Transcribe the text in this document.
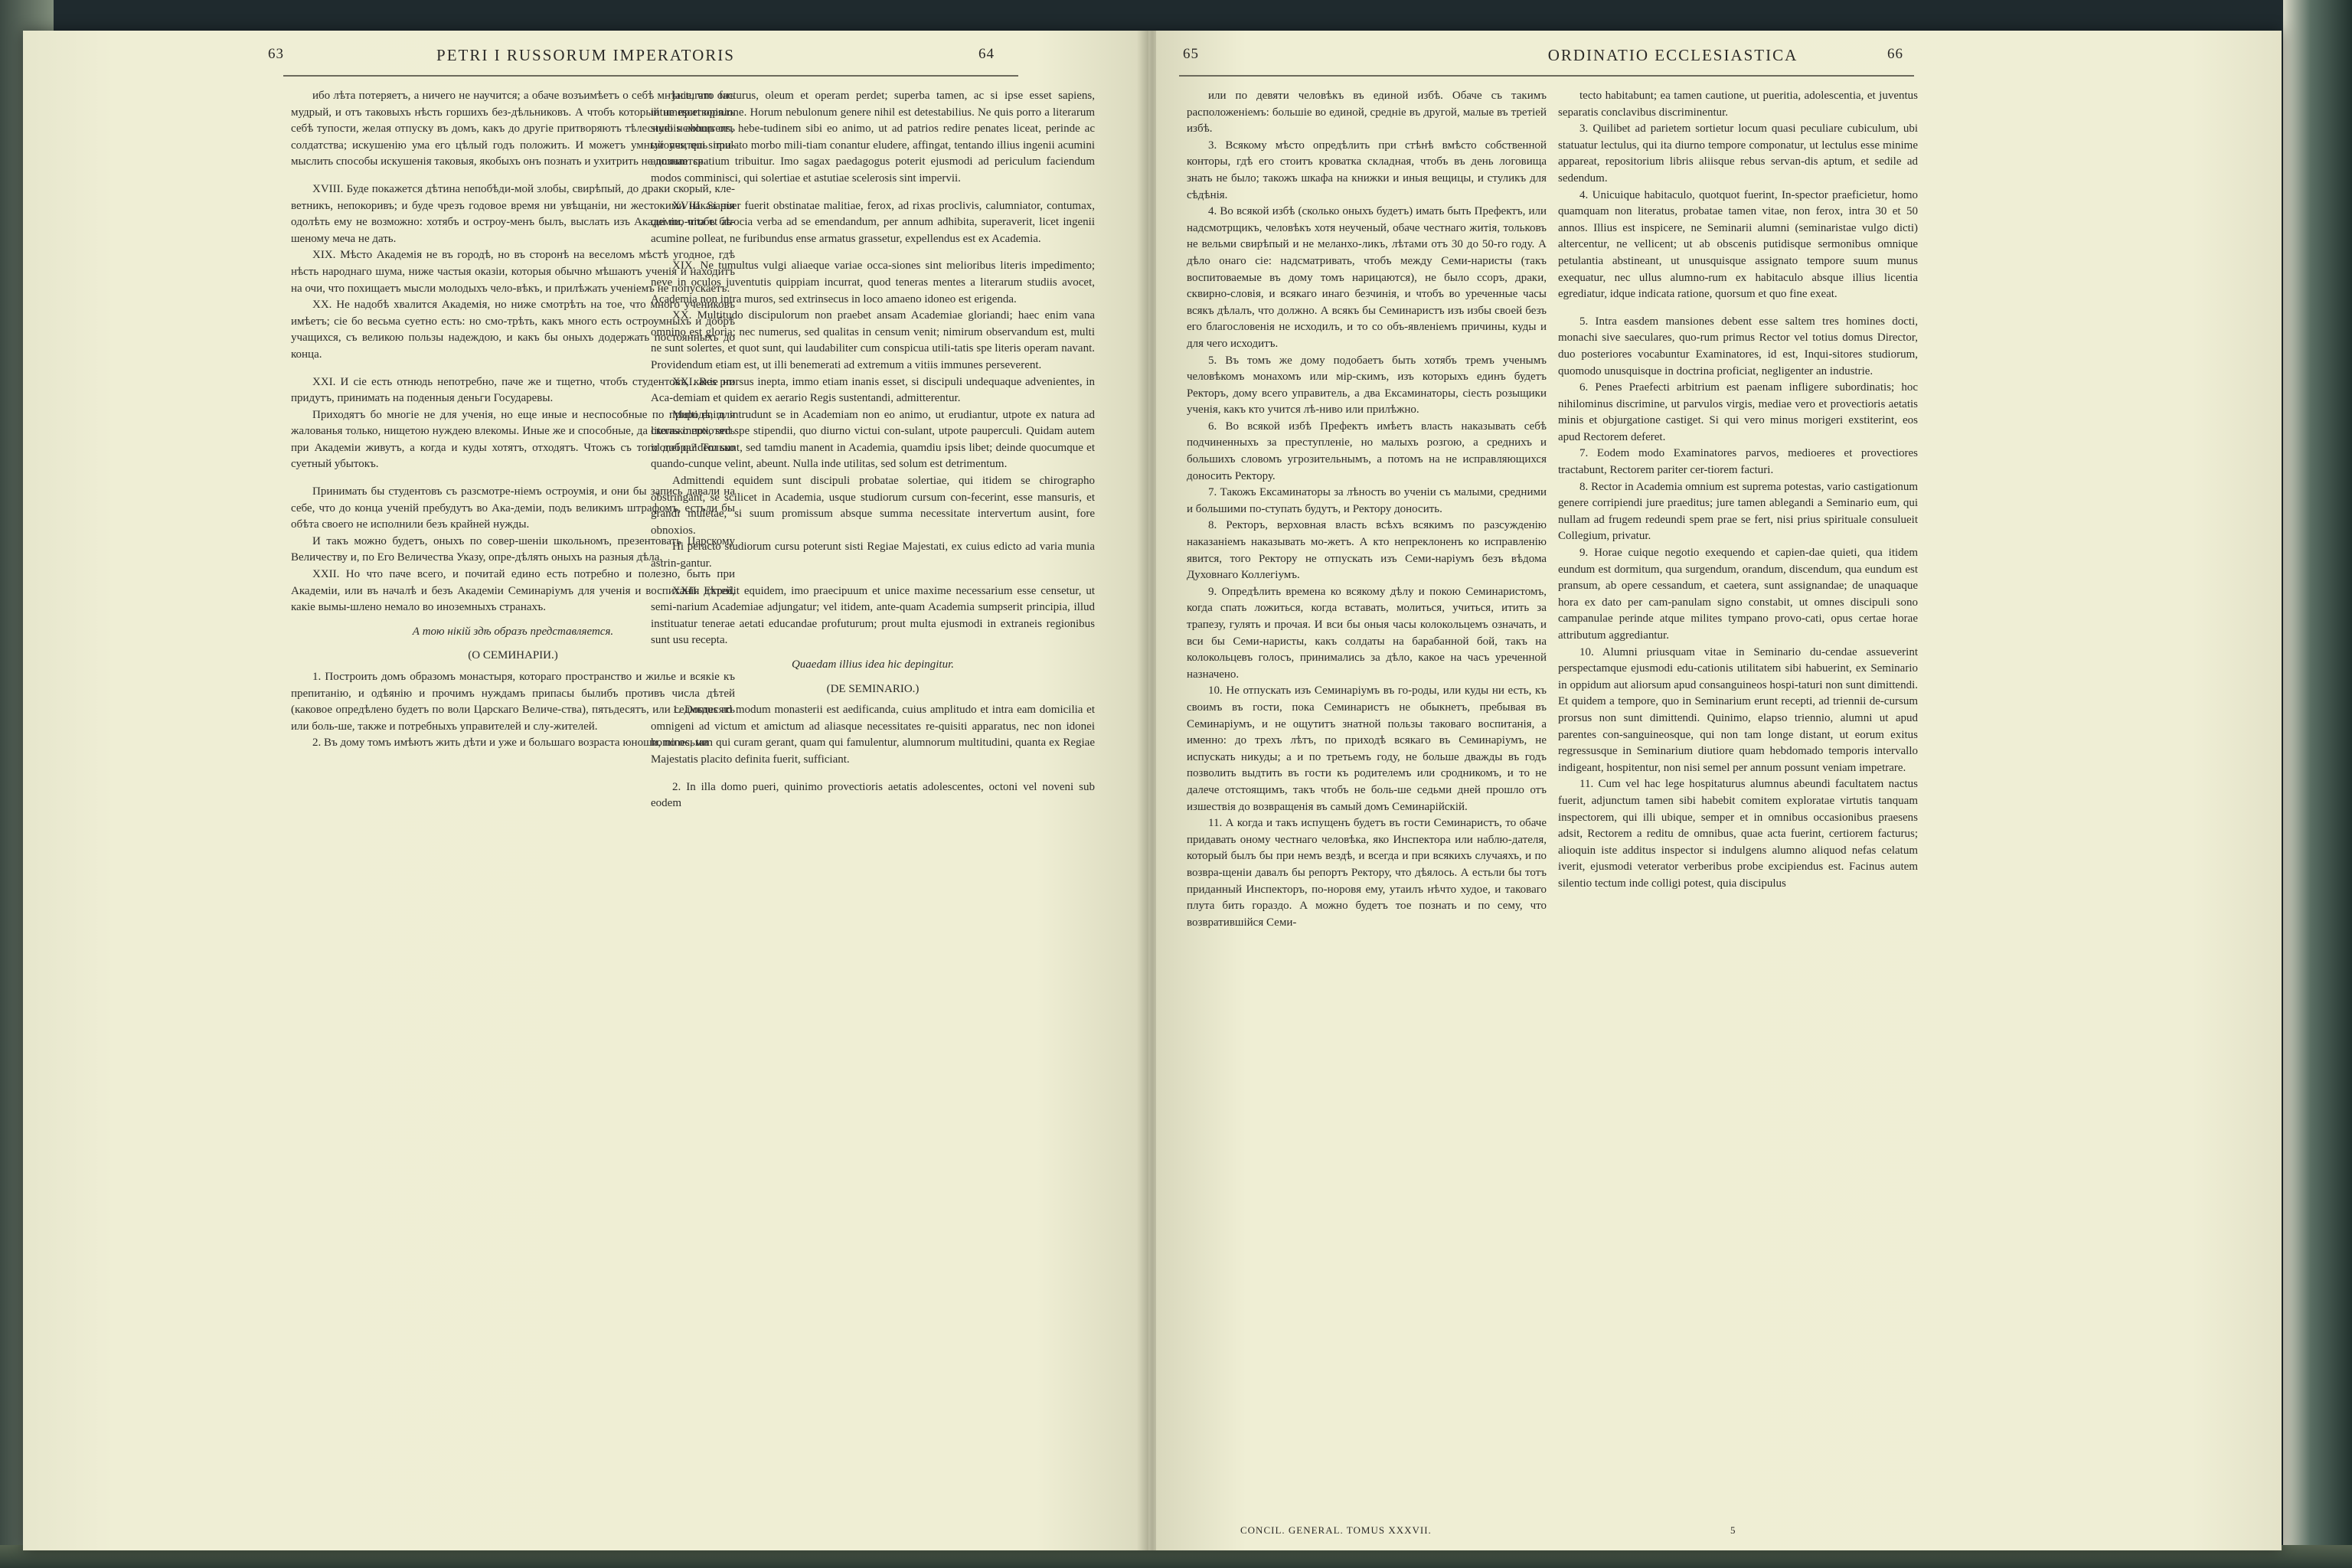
63	PETRI I RUSSORUM IMPERATORIS	64

ибо лѣта потеряетъ, а ничего не научится; а обаче возъимѣетъ о себѣ мнѣніе, что онъ мудрый, и отъ таковыхъ нѣсть горшихъ без-дѣльниковъ. А чтобъ который не притворялъ себѣ тупости, желая отпуску въ домъ, какъ до другіе притворяютъ тѣлесную немощь отъ солдатства; искушенію ума его цѣлый годъ положить. И можетъ умный учитель при-мыслить способы искушенія таковыя, якобыхъ онъ познать и ухитрить не дознается.

XVIII. Буде покажется дѣтина непобѣди-мой злобы, свирѣпый, до драки скорый, кле-ветникъ, непокоривъ; и буде чрезъ годовое время ни увѣщаніи, ни жестокими наказанія одолѣть ему не возможно: хотябъ и остроу-менъ былъ, выслать изъ Академіи, чтобъ бѣ-шеному меча не дать.

XIX. Мѣсто Академія не въ городѣ, но въ сторонѣ на веселомъ мѣстѣ угодное, гдѣ нѣсть народнаго шума, ниже частыя оказіи, которыя обычно мѣшаютъ ученія и находитъ на очи, что похищаетъ мысли молодыхъ чело-вѣкъ, и прилѣжать ученіемъ не попускаетъ.

XX. Не надобѣ хвалится Академія, но ниже смотрѣть на тое, что много учениковъ имѣетъ; сіе бо весьма суетно есть: но смо-трѣть, какъ много есть остроумныхъ и добрѣ учащихся, съ великою пользы надеждою, и какъ бы оныхъ додержать постоянныхъ до конца.

XXI. И сіе есть отнюдь непотребно, паче же и тщетно, чтобъ студентовъ, какіе ни придутъ, принимать на поденныя деньги Государевы.

Приходятъ бо многіе не для ученія, но еще иные и неспособные по природѣ, для жалованья только, нищетою нуждею влекомы. Иные же и способные, да сколько похотятъ при Академіи живутъ, а когда и куды хотятъ, отходятъ. Чтожъ съ того добра? Только суетный убытокъ.

Принимать бы студентовъ съ разсмотре-ніемъ остроумія, и они бы запись давали на себе, что до конца ученій пребудутъ во Ака-деміи, подъ великимъ штрафомъ, естьли бы обѣта своего не исполнили безъ крайней нужды.

И такъ можно будетъ, оныхъ по совер-шеніи школьномъ, презентовать Царскому Величеству и, по Его Величества Указу, опре-дѣлять оныхъ на разныя дѣла.

XXII. Но что паче всего, и почитай едино есть потребно и полезно, быть при Академіи, или въ началѣ и безъ Академіи Семинаріумъ для ученія и воспитанія дѣтей, какіе вымы-шлено немало во иноземныхъ странахъ.

А тою нікій здѣ образъ представляется.
(О СЕМИНАРІИ.)

1. Построить домъ образомъ монастыря, котораго пространство и жилье и всякіе къ препитанію, и одѣянію и прочимъ нуждамъ припасы былибъ противъ числа дѣтей (каковое опредѣлено будетъ по воли Царскаго Величе-ства), пятьдесятъ, или седмьдесятъ или боль-ше, также и потребныхъ управителей и слу-жителей.

2. Въ дому томъ имѣютъ жить дѣти и уже и большаго возраста юноши, по осьми

jacturam facturus, oleum et operam perdet; superba tamen, ac si ipse esset sapiens, intumescet opinione. Horum nebulonum genere nihil est detestabilius. Ne quis porro a literarum studiis abhorrens, hebe-tudinem sibi eo animo, ut ad patrios redire penates liceat, perinde ac tyrones, qui simulato morbo mili-tiam conantur eludere, affingat, tentando illius ingenii acumini annuum spatium tribuitur. Imo sagax paedagogus poterit ejusmodi ad periculum faciendum modos comminisci, qui solertiae et astutiae scelerosis sint imperviі.

XVIII. Si puer fuerit obstinatae malitiae, ferox, ad rixas proclivis, calumniator, contumax, qui mo-nita et atrocia verba ad se emendandum, per annum adhibita, superaverit, licet ingenii acumine polleat, ne furibundus ense armatus grassetur, expellendus est ex Academia.

XIX. Ne tumultus vulgi aliaeque variae occa-siones sint melioribus literis impedimento; neve in oculos juventutis quippiam incurrat, quod teneras mentes a literarum studiis avocet, Academia non intra muros, sed extrinsecus in loco amaeno idoneo est erigenda.

XX. Multitudo discipulorum non praebet ansam Academiae gloriandi; haec enim vana omnino est gloria; nec numerus, sed qualitas in censum venit; nimirum observandum est, multi ne sunt solertes, et quot sunt, qui laudabiliter cum conspicua utili-tatis spe literis operam navant. Providendum etiam est, ut illi benemerati ad extremum a vitiis immunes perseverent.

XXI. Res prorsus inepta, immo etiam inanis esset, si discipuli undequaque advenientes, in Aca-demiam et quidem ex aerario Regis sustentandi, admitterentur.

Multi enim intrudunt se in Academiam non eo animo, ut erudiantur, utpote ex natura ad literas inepti, sed spe stipendii, quo diurno victui con-sulant, utpote pauperculi. Quidam autem idonei quidem sunt, sed tamdiu manent in Academia, quamdiu ipsis libet; deinde quocumque et quando-cunque velint, abeunt. Nulla inde utilitas, sed solum est detrimentum.

Admittendi equidem sunt discipuli probatae solertiae, qui itidem se chirographo obstringant, se scilicet in Academia, usque studiorum cursum con-fecerint, esse mansuris, et grandi muletae, si suum promissum absque summa necessitate intervertum ausint, fore obnoxios.

Hi peracto studiorum cursu poterunt sisti Regiae Majestati, ex cuius edicto ad varia munia astrin-gantur.

XXII. Expedit equidem, imo praecipuum et unice maxime necessarium esse censetur, ut semi-narium Academiae adjungatur; vel itidem, ante-quam Academia sumpserit principia, illud instituatur tenerae aetati educandae profuturum; prout multa ejusmodi in extraneis regionibus sunt usu recepta.

Quaedam illius idea hic depingitur.
(DE SEMINARIO.)

1. Domus ad modum monasterii est aedificanda, cuius amplitudo et intra eam domicilia et omnigeni ad victum et amictum ad aliasque necessitates re-quisiti apparatus, nec non idonei homines, tam qui curam gerant, quam qui famulentur, alumnorum multitudini, quanta ex Regiae Majestatis placito definita fuerit, sufficiant.

2. In illa domo pueri, quinimo provectioris aetatis adolescentes, octoni vel noveni sub eodem

65	ORDINATIO ECCLESIASTICA	66

или по девяти человѣкъ въ единой избѣ. Обаче съ такимъ расположеніемъ: большіе во единой, средніе въ другой, малые въ третіей избѣ.

3. Всякому мѣсто опредѣлить при стѣнѣ вмѣсто собственной конторы, гдѣ его стоитъ кроватка складная, чтобъ въ день логовища знать не было; такожъ шкафа на книжки и иныя вещицы, и стуликъ для сѣдѣнія.

4. Во всякой избѣ (сколько оныхъ будетъ) имать быть Префектъ, или надсмотрщикъ, человѣкъ хотя неученый, обаче честнаго житія, тольковъ не вельми свирѣпый и не меланхо-ликъ, лѣтами отъ 30 до 50-го году. А дѣло онаго сіе: надсматривать, чтобъ между Семи-наристы (такъ воспитоваемые въ дому томъ нарицаются), не было ссоръ, драки, сквирно-словія, и всякаго инаго безчинія, и чтобъ во уреченные часы всякъ дѣлалъ, что должно. А всякъ бы Семинаристъ изъ избы своей безъ его благословенія не исходилъ, и то со объ-явленіемъ причины, куды и для чего исходитъ.

5. Въ томъ же дому подобаетъ быть хотябъ тремъ ученымъ человѣкомъ монахомъ или мір-скимъ, изъ которыхъ единъ будетъ Ректоръ, дому всего управитель, а два Ексаминаторы, сіесть розыщики ученія, какъ кто учится лѣ-ниво или прилѣжно.

6. Во всякой избѣ Префектъ имѣетъ власть наказывать себѣ подчиненныхъ за преступленіе, но малыхъ розгою, а среднихъ и большихъ словомъ угрозительнымъ, а потомъ на не исправляющихся доносить Ректору.

7. Такожъ Ексаминаторы за лѣность во ученіи съ малыми, средними и большими по-ступать будутъ, и Ректору доносить.

8. Ректоръ, верховная власть всѣхъ всякимъ по разсужденію наказаніемъ наказывать мо-жетъ. А кто непреклоненъ ко исправленію явится, того Ректору не отпускать изъ Семи-наріумъ безъ вѣдома Духовнаго Коллегіумъ.

9. Опредѣлить времена ко всякому дѣлу и покою Семинаристомъ, когда спать ложиться, когда вставать, молиться, учиться, итить за трапезу, гулять и прочая. И вси бы оныя часы колокольцемъ означать, и вси бы Семи-наристы, какъ солдаты на барабанной бой, такъ на колокольцевъ голосъ, принимались за дѣло, какое на часъ уреченной назначено.

10. Не отпускать изъ Семинаріумъ въ го-роды, или куды ни есть, къ своимъ въ гости, пока Семинаристъ не обыкнетъ, пребывая въ Семинаріумъ, и не ощутитъ знатной пользы таковаго воспитанія, а именно: до трехъ лѣтъ, по приходѣ всякаго въ Семинаріумъ, не испускать никуды; а и по третьемъ году, не больше дважды въ годъ позволить выдтить въ гости къ родителемъ или сродникомъ, и то не далече отстоящимъ, такъ чтобъ не боль-ше седьми дней прошло отъ изшествія до возвращенія въ самый домъ Семинарійскій.

11. А когда и такъ испущенъ будетъ въ гости Семинаристъ, то обаче придавать оному честнаго человѣка, яко Инспектора или наблю-дателя, который былъ бы при немъ вездѣ, и всегда и при всякихъ случаяхъ, и по возвра-щеніи давалъ бы репортъ Ректору, что дѣялось. А естьли бы тотъ приданный Инспекторъ, по-норовя ему, утаилъ нѣчто худое, и таковаго плута бить гораздо. А можно будетъ тое познать и по сему, что возвратившійся Семи-

tecto habitabunt; ea tamen cautione, ut pueritia, adolescentia, et juventus separatis conclavibus discriminentur.

3. Quilibet ad parietem sortietur locum quasi peculiare cubiculum, ubi statuatur lectulus, qui ita diurno tempore componatur, ut lectulus esse minime appareat, repositorium libris aliisque rebus servan-dis aptum, et sedile ad sedendum.

4. Unicuique habitaculo, quotquot fuerint, In-spector praeficietur, homo quamquam non literatus, probatae tamen vitae, non ferox, intra 30 et 50 annos. Illius est inspicere, ne Seminarii alumni (seminaristae vulgo dicti) altercentur, ne vellicent; ut ab obscenis putidisque sermonibus omnique petulantia abstineant, ut unusquisque assignato tempore suum munus exequatur, nec ullus alumno-rum ex habitaculo absque illius licentia egrediatur, idque indicata ratione, quorsum et quo fine exeat.

5. Intra easdem mansiones debent esse saltem tres homines docti, monachi sive saeculares, quo-rum primus Rector vel totius domus Director, duo posteriores vocabuntur Examinatores, id est, Inqui-sitores studiorum, quomodo unusquisque in doctrina proficiat, negligenter an industrie.

6. Penes Praefecti arbitrium est paenam infligere subordinatis; hoc nihilominus discrimine, ut parvulos virgis, mediae vero et provectioris aetatis minis et objurgatione castiget. Si qui vero minus morigeri exstiterint, eos apud Rectorem deferet.

7. Eodem modo Examinatores parvos, medioeres et provectiores tractabunt, Rectorem pariter cer-tiorem facturi.

8. Rector in Academia omnium est suprema potestas, vario castigationum genere corripiendi jure praeditus; jure tamen ablegandi a Seminario eum, qui nullam ad frugem redeundi spem prae se fert, nisi prius spirituale consulueit Collegium, privatur.

9. Horae cuique negotio exequendo et capien-dae quieti, qua itidem eundum est dormitum, qua surgendum, orandum, discendum, qua eundum est pransum, ab opere cessandum, et caetera, sunt assignandae; de unaquaque hora ex dato per cam-panulam signo constabit, ut omnes discipuli sono campanulae perinde atque milites tympano provo-cati, opus certae horae attributum aggrediantur.

10. Alumni priusquam vitae in Seminario du-cendae assueverint perspectamque ejusmodi edu-cationis utilitatem sibi habuerint, ex Seminario in oppidum aut aliorsum apud consanguineos hospi-taturi non sunt dimittendi. Et quidem a tempore, quo in Seminarium erunt recepti, ad triennii de-cursum prorsus non sunt dimittendi. Quinimo, elapso triennio, alumni ut apud parentes con-sanguineosque, qui non tam longe distant, ut eorum exitus regressusque in Seminarium diutiore quam hebdomado temporis intervallo indigeant, hospitentur, non nisi semel per annum possunt veniam impetrare.

11. Cum vel hac lege hospitaturus alumnus abeundi facultatem nactus fuerit, adjunctum tamen sibi habebit comitem exploratae virtutis tanquam inspectorem, qui illi ubique, semper et in omnibus occasionibus praesens adsit, Rectorem a reditu de omnibus, quae acta fuerint, certiorem facturus; alioquin iste additus inspector si indulgens alumno aliquod nefas celatum iverit, ejusmodi veterator verberibus probe excipiendus est. Facinus autem silentio tectum inde colligi potest, quia discipulus

CONCIL. GENERAL. TOMUS XXXVII.	5
